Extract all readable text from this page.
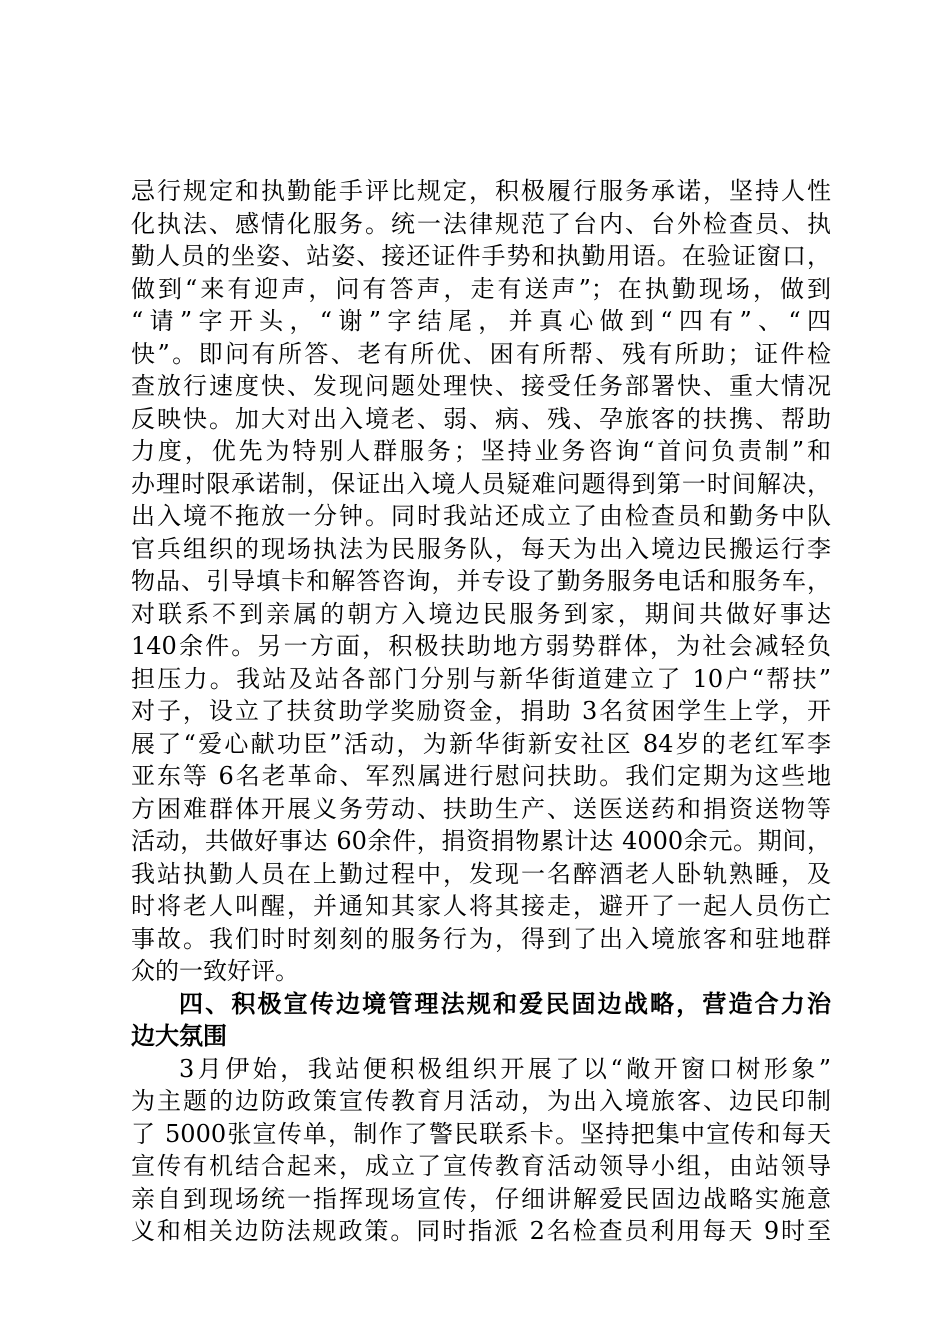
忌行规定和执勤能手评比规定，积极履行服务承诺，坚持人性
化执法、感情化服务。统一法律规范了台内、台外检查员、执
勤人员的坐姿、站姿、接还证件手势和执勤用语。在验证窗口，
做到“来有迎声，问有答声，走有送声”；在执勤现场，做到
“请”字开头，“谢”字结尾，并真心做到“四有”、“四
快”。即问有所答、老有所优、困有所帮、残有所助；证件检
查放行速度快、发现问题处理快、接受任务部署快、重大情况
反映快。加大对出入境老、弱、病、残、孕旅客的扶携、帮助
力度，优先为特别人群服务；坚持业务咨询“首问负责制”和
办理时限承诺制，保证出入境人员疑难问题得到第一时间解决，
出入境不拖放一分钟。同时我站还成立了由检查员和勤务中队
官兵组织的现场执法为民服务队，每天为出入境边民搬运行李
物品、引导填卡和解答咨询，并专设了勤务服务电话和服务车，
对联系不到亲属的朝方入境边民服务到家，期间共做好事达
140余件。另一方面，积极扶助地方弱势群体，为社会减轻负
担压力。我站及站各部门分别与新华街道建立了 10户“帮扶”
对子，设立了扶贫助学奖励资金，捐助 3名贫困学生上学，开
展了“爱心献功臣”活动，为新华街新安社区 84岁的老红军李
亚东等 6名老革命、军烈属进行慰问扶助。我们定期为这些地
方困难群体开展义务劳动、扶助生产、送医送药和捐资送物等
活动，共做好事达 60余件，捐资捐物累计达 4000余元。期间，
我站执勤人员在上勤过程中，发现一名醉酒老人卧轨熟睡，及
时将老人叫醒，并通知其家人将其接走，避开了一起人员伤亡
事故。我们时时刻刻的服务行为，得到了出入境旅客和驻地群
众的一致好评。
四、积极宣传边境管理法规和爱民固边战略，营造合力治
边大氛围
3月伊始，我站便积极组织开展了以“敞开窗口树形象”
为主题的边防政策宣传教育月活动，为出入境旅客、边民印制
了 5000张宣传单，制作了警民联系卡。坚持把集中宣传和每天
宣传有机结合起来，成立了宣传教育活动领导小组，由站领导
亲自到现场统一指挥现场宣传，仔细讲解爱民固边战略实施意
义和相关边防法规政策。同时指派 2名检查员利用每天 9时至
